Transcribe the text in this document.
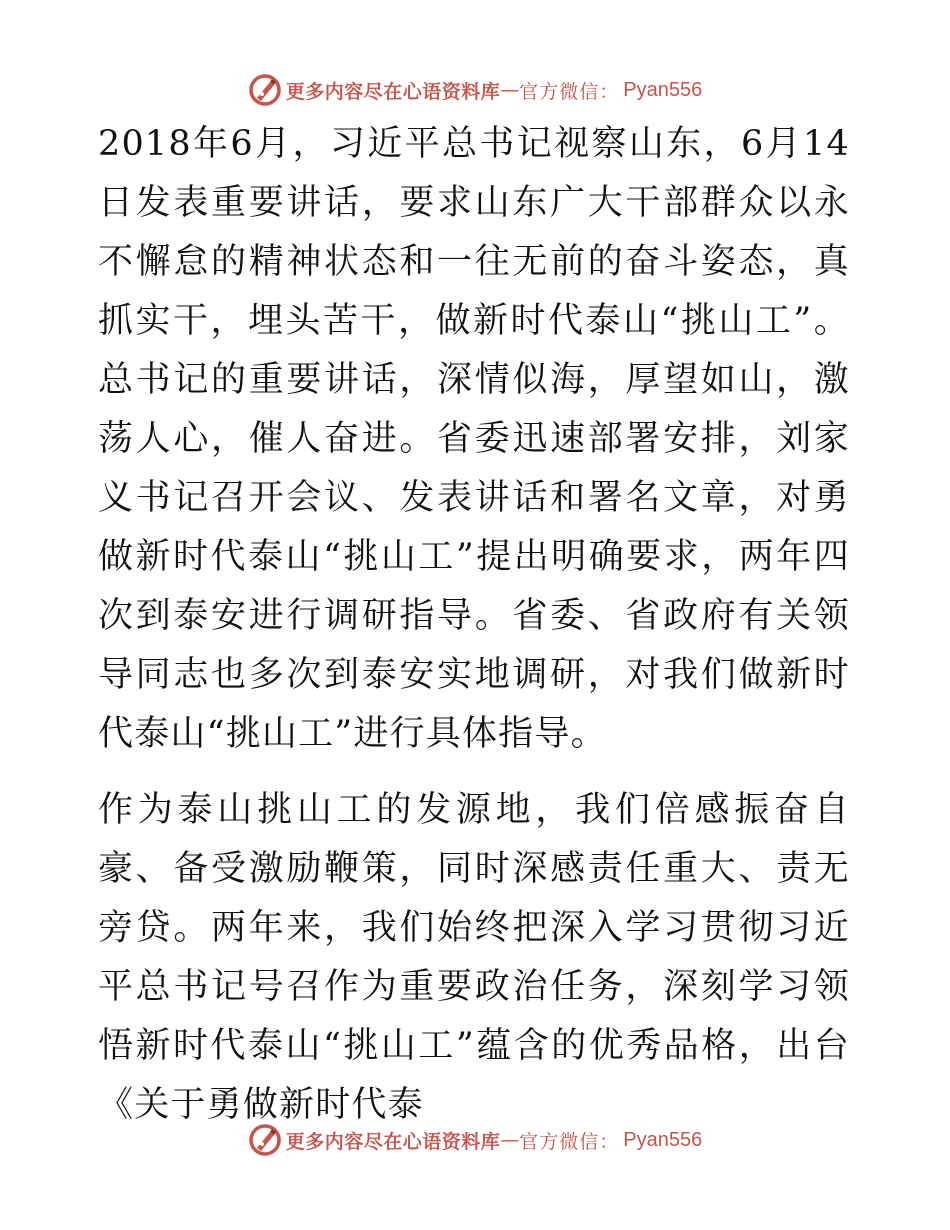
更多内容尽在心语资料库 — 官方微信： Pyan556

2018年6月，习近平总书记视察山东，6月14日发表重要讲话，要求山东广大干部群众以永不懈怠的精神状态和一往无前的奋斗姿态，真抓实干，埋头苦干，做新时代泰山“挑山工”。总书记的重要讲话，深情似海，厚望如山，激荡人心，催人奋进。省委迅速部署安排，刘家义书记召开会议、发表讲话和署名文章，对勇做新时代泰山“挑山工”提出明确要求，两年四次到泰安进行调研指导。省委、省政府有关领导同志也多次到泰安实地调研，对我们做新时代泰山“挑山工”进行具体指导。

作为泰山挑山工的发源地，我们倍感振奋自豪、备受激励鞭策，同时深感责任重大、责无旁贷。两年来，我们始终把深入学习贯彻习近平总书记号召作为重要政治任务，深刻学习领悟新时代泰山“挑山工”蕴含的优秀品格，出台《关于勇做新时代泰

更多内容尽在心语资料库 — 官方微信： Pyan556
